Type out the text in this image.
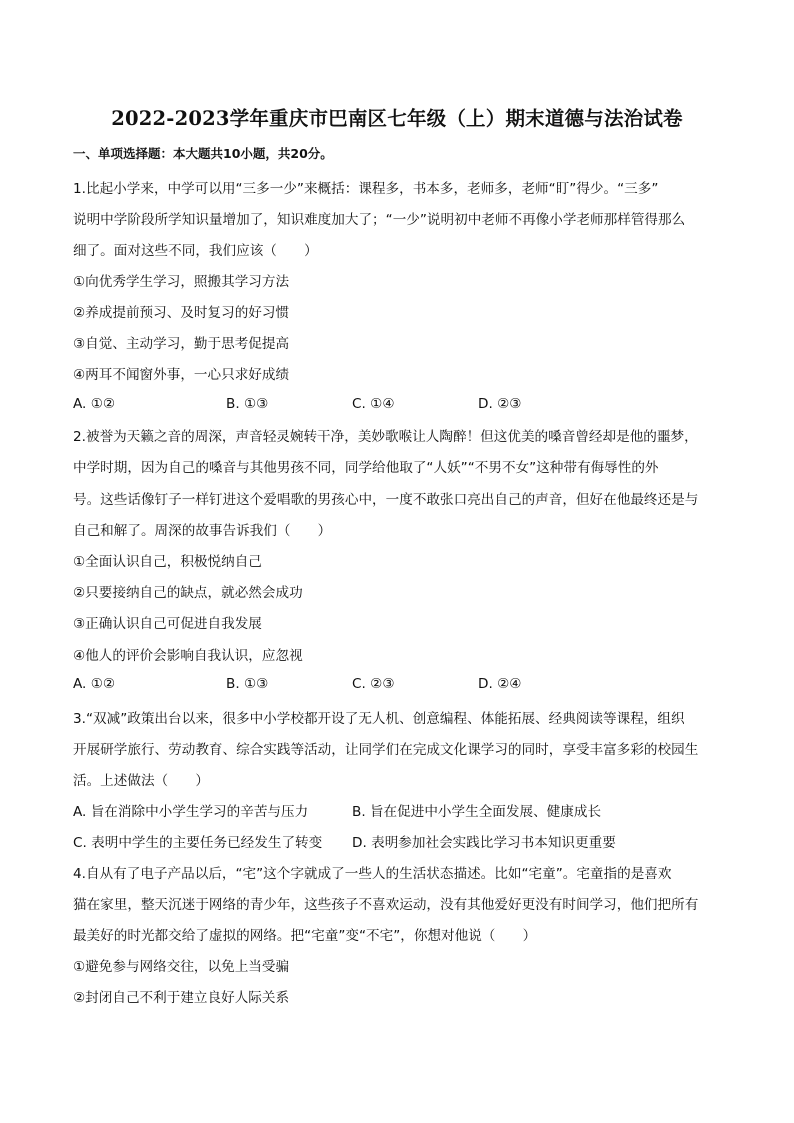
2022-2023学年重庆市巴南区七年级（上）期末道德与法治试卷
一、单项选择题：本大题共10小题，共20分。
1.比起小学来，中学可以用“三多一少”来概括：课程多，书本多，老师多，老师“盯”得少。“三多”
说明中学阶段所学知识量增加了，知识难度加大了；“一少”说明初中老师不再像小学老师那样管得那么
细了。面对这些不同，我们应该（　　）
①向优秀学生学习，照搬其学习方法
②养成提前预习、及时复习的好习惯
③自觉、主动学习，勤于思考促提高
④两耳不闻窗外事，一心只求好成绩
A. ①②	B. ①③	C. ①④	D. ②③
2.被誉为天籁之音的周深，声音轻灵婉转干净，美妙歌喉让人陶醉！但这优美的嗓音曾经却是他的噩梦，
中学时期，因为自己的嗓音与其他男孩不同，同学给他取了“人妖”“不男不女”这种带有侮辱性的外
号。这些话像钉子一样钉进这个爱唱歌的男孩心中，一度不敢张口亮出自己的声音，但好在他最终还是与
自己和解了。周深的故事告诉我们（　　）
①全面认识自己，积极悦纳自己
②只要接纳自己的缺点，就必然会成功
③正确认识自己可促进自我发展
④他人的评价会影响自我认识，应忽视
A. ①②	B. ①③	C. ②③	D. ②④
3.“双减”政策出台以来，很多中小学校都开设了无人机、创意编程、体能拓展、经典阅读等课程，组织
开展研学旅行、劳动教育、综合实践等活动，让同学们在完成文化课学习的同时，享受丰富多彩的校园生
活。上述做法（　　）
A. 旨在消除中小学生学习的辛苦与压力	B. 旨在促进中小学生全面发展、健康成长
C. 表明中学生的主要任务已经发生了转变 D. 表明参加社会实践比学习书本知识更重要
4.自从有了电子产品以后，“宅”这个字就成了一些人的生活状态描述。比如“宅童”。宅童指的是喜欢
猫在家里，整天沉迷于网络的青少年，这些孩子不喜欢运动，没有其他爱好更没有时间学习，他们把所有
最美好的时光都交给了虚拟的网络。把“宅童”变“不宅”，你想对他说（　　）
①避免参与网络交往，以免上当受骗
②封闭自己不利于建立良好人际关系
